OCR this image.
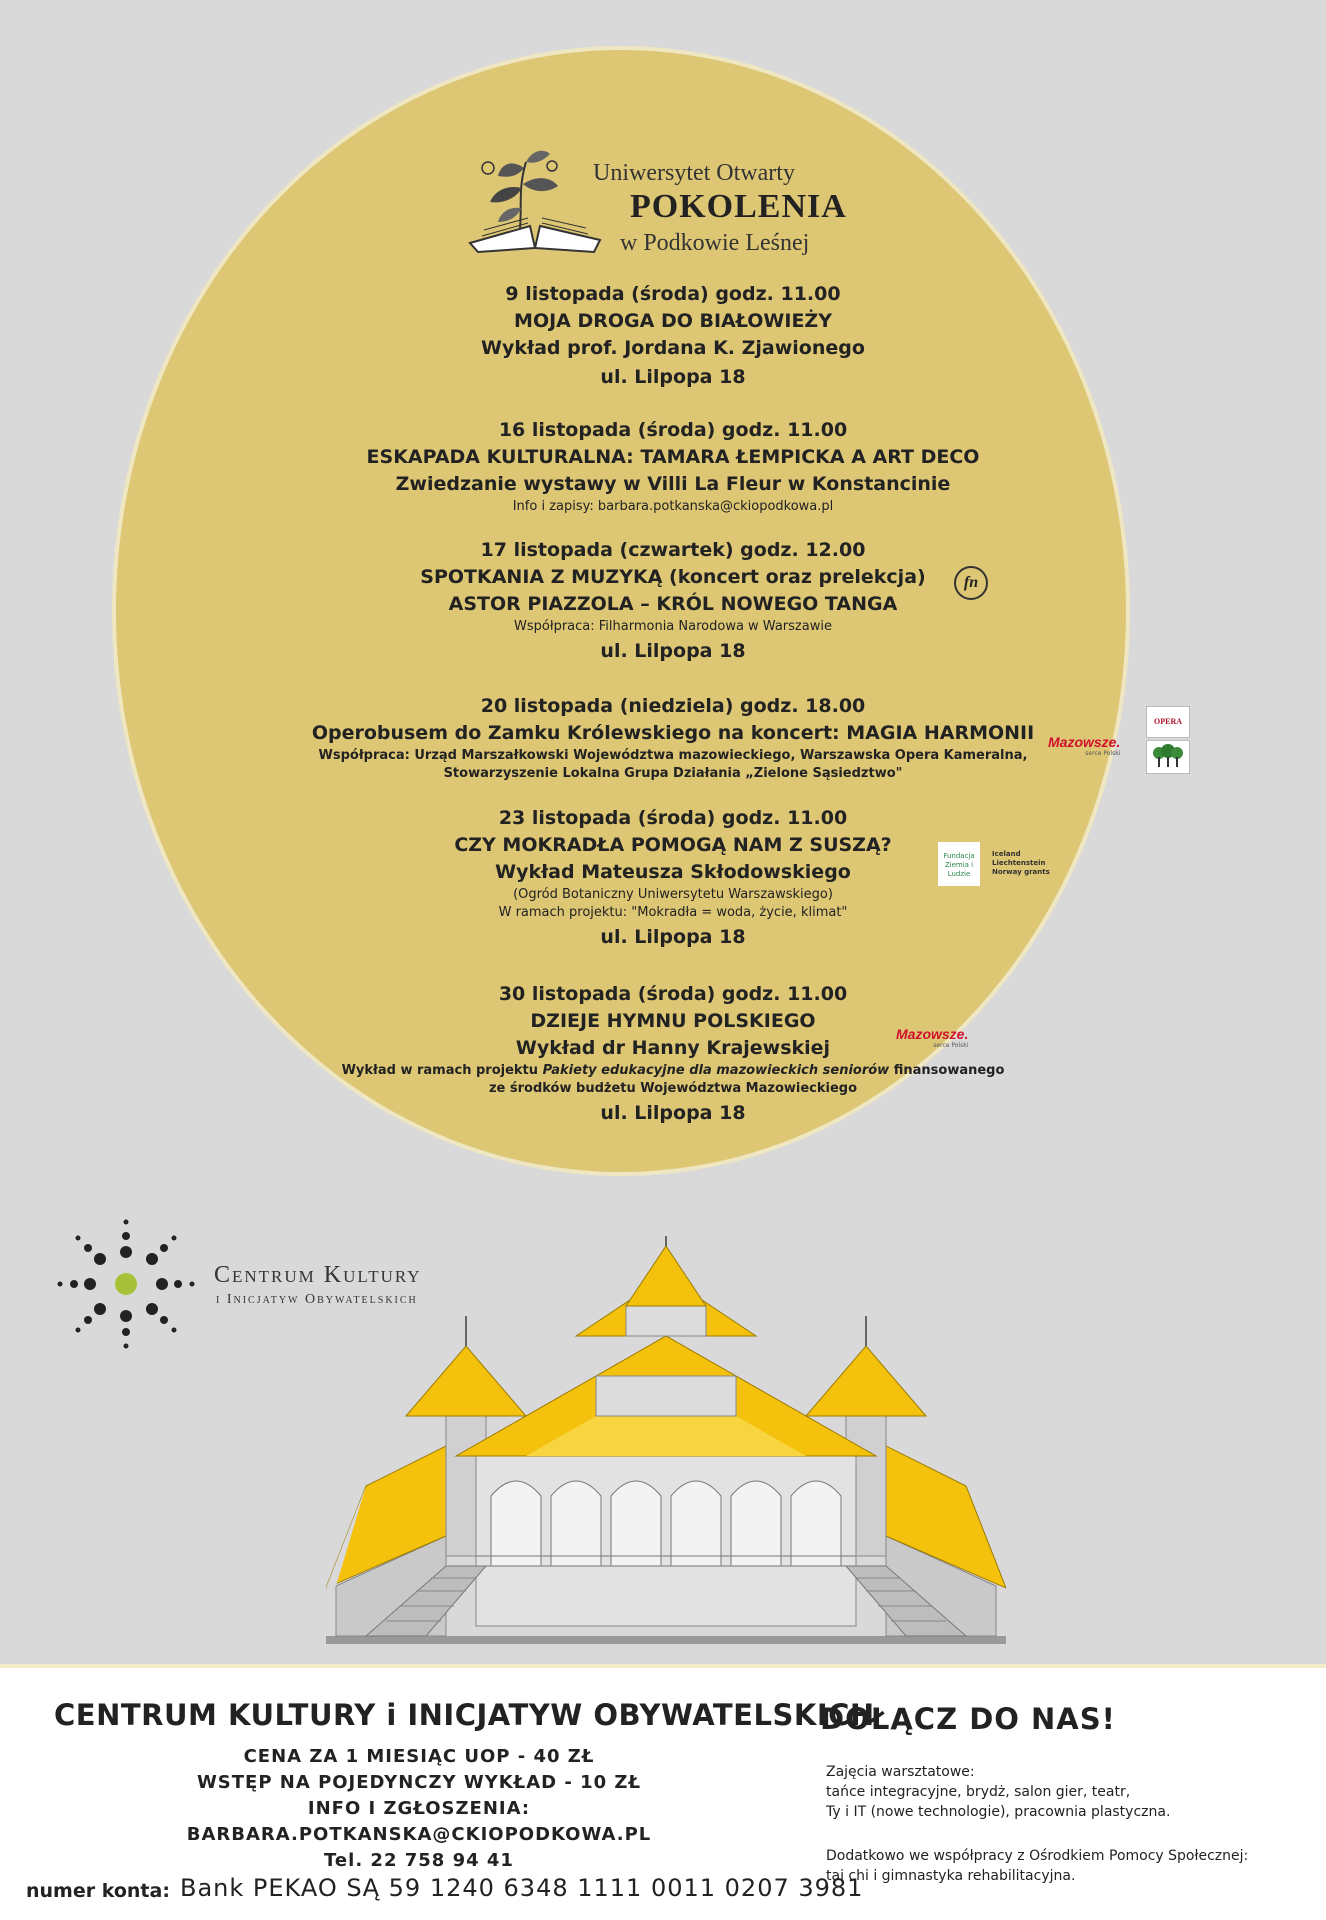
Uniwersytet Otwarty
POKOLENIA
w Podkowie Leśnej
9 listopada (środa) godz. 11.00
MOJA DROGA DO BIAŁOWIEŻY
Wykład prof. Jordana K. Zjawionego
ul. Lilpopa 18
16 listopada (środa) godz. 11.00
ESKAPADA KULTURALNA: TAMARA ŁEMPICKA A ART DECO
Zwiedzanie wystawy w Villi La Fleur w Konstancinie
Info i zapisy: barbara.potkanska@ckiopodkowa.pl
17 listopada (czwartek) godz. 12.00
SPOTKANIA Z MUZYKĄ (koncert oraz prelekcja)
ASTOR PIAZZOLA – KRÓL NOWEGO TANGA
Współpraca: Filharmonia Narodowa w Warszawie
ul. Lilpopa 18
fn
20 listopada (niedziela) godz. 18.00
Operobusem do Zamku Królewskiego na koncert: MAGIA HARMONII
Współpraca: Urząd Marszałkowski Województwa mazowieckiego, Warszawska Opera Kameralna,
Stowarzyszenie Lokalna Grupa Działania „Zielone Sąsiedztwo"
Mazowsze.
serce Polski
OPERA
23 listopada (środa) godz. 11.00
CZY MOKRADŁA POMOGĄ NAM Z SUSZĄ?
Wykład Mateusza Skłodowskiego
(Ogród Botaniczny Uniwersytetu Warszawskiego)
W ramach projektu: "Mokradła = woda, życie, klimat"
ul. Lilpopa 18
Fundacja Ziemia i Ludzie
Iceland
Liechtenstein
Norway grants
30 listopada (środa) godz. 11.00
DZIEJE HYMNU POLSKIEGO
Wykład dr Hanny Krajewskiej
Wykład w ramach projektu Pakiety edukacyjne dla mazowieckich seniorów finansowanego
ze środków budżetu Województwa Mazowieckiego
ul. Lilpopa 18
Mazowsze.
serce Polski
Centrum Kultury
i Inicjatyw Obywatelskich
CENTRUM KULTURY i INICJATYW OBYWATELSKICH
CENA ZA 1 MIESIĄC UOP - 40 ZŁ
WSTĘP NA POJEDYNCZY WYKŁAD - 10 ZŁ
INFO I ZGŁOSZENIA:
BARBARA.POTKANSKA@CKIOPODKOWA.PL
Tel. 22 758 94 41
numer konta: Bank PEKAO SĄ 59 1240 6348 1111 0011 0207 3981
DOŁĄCZ DO NAS!
Zajęcia warsztatowe:
tańce integracyjne, brydż, salon gier, teatr,
Ty i IT (nowe technologie), pracownia plastyczna.
Dodatkowo we współpracy z Ośrodkiem Pomocy Społecznej:
tai chi i gimnastyka rehabilitacyjna.
